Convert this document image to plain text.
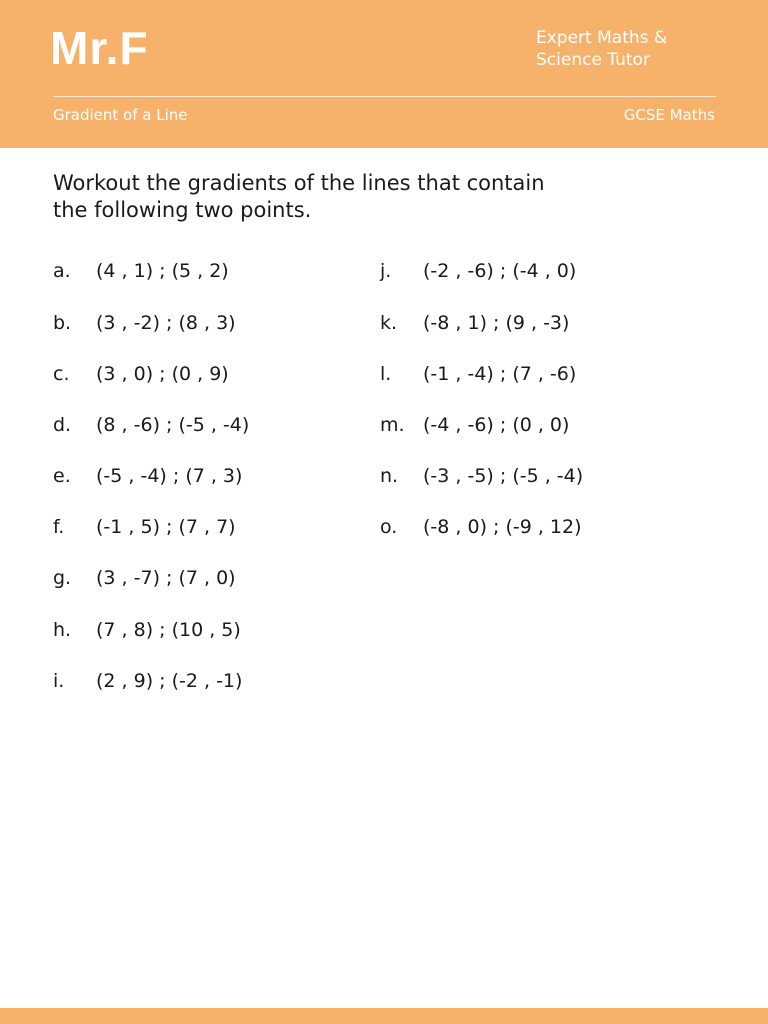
Mr.F	Expert Maths &
Science Tutor
Gradient of a Line	GCSE Maths
Workout the gradients of the lines that contain
the following two points.
a. (4 , 1) ; (5 , 2)
b. (3 , -2) ; (8 , 3)
c. (3 , 0) ; (0 , 9)
d. (8 , -6) ; (-5 , -4)
e. (-5 , -4) ; (7 , 3)
f. (-1 , 5) ; (7 , 7)
g. (3 , -7) ; (7 , 0)
h. (7 , 8) ; (10 , 5)
i. (2 , 9) ; (-2 , -1)
j. (-2 , -6) ; (-4 , 0)
k. (-8 , 1) ; (9 , -3)
l. (-1 , -4) ; (7 , -6)
m. (-4 , -6) ; (0 , 0)
n. (-3 , -5) ; (-5 , -4)
o. (-8 , 0) ; (-9 , 12)
